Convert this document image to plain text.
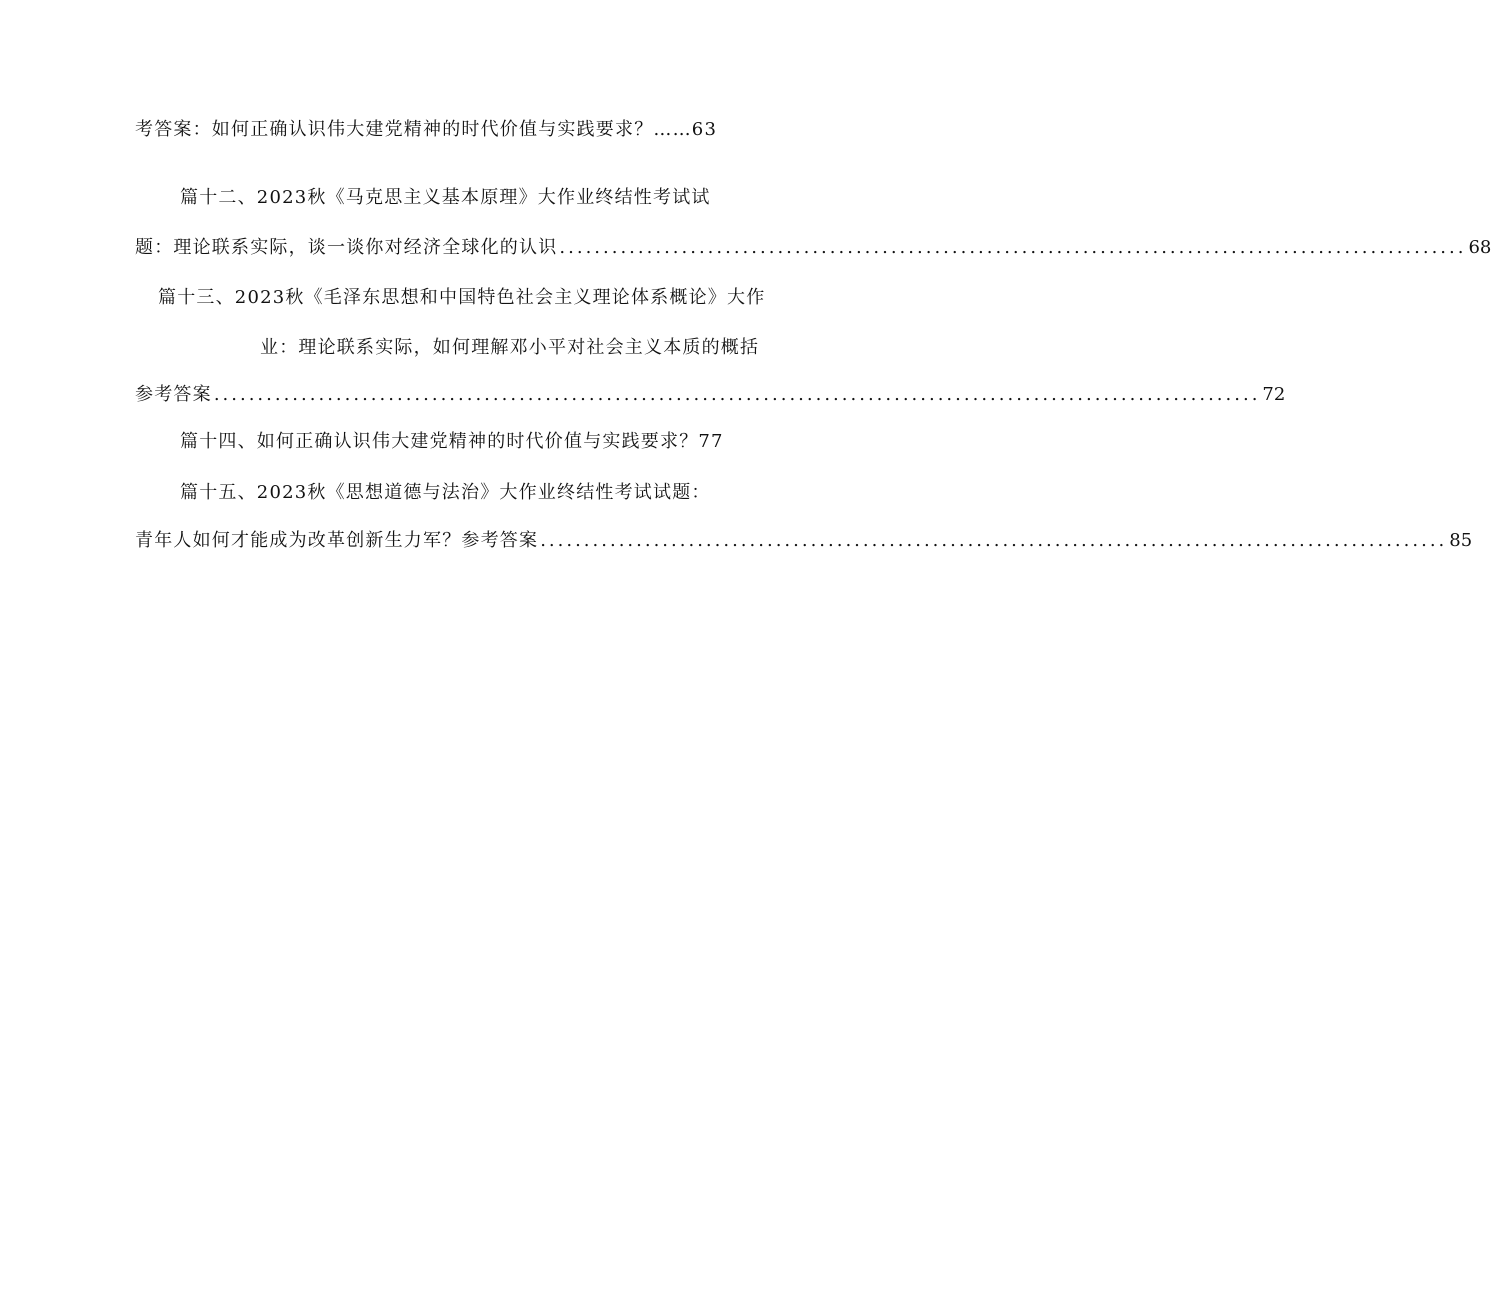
考答案：如何正确认识伟大建党精神的时代价值与实践要求？……63
篇十二、2023秋《马克思主义基本原理》大作业终结性考试试
题：理论联系实际，谈一谈你对经济全球化的认识 ........................................................................................................ 68
篇十三、2023秋《毛泽东思想和中国特色社会主义理论体系概论》大作
业：理论联系实际，如何理解邓小平对社会主义本质的概括
参考答案 ........................................................................................................................ 72
篇十四、如何正确认识伟大建党精神的时代价值与实践要求？77
篇十五、2023秋《思想道德与法治》大作业终结性考试试题：
青年人如何才能成为改革创新生力军？参考答案 ........................................................................................................ 85
